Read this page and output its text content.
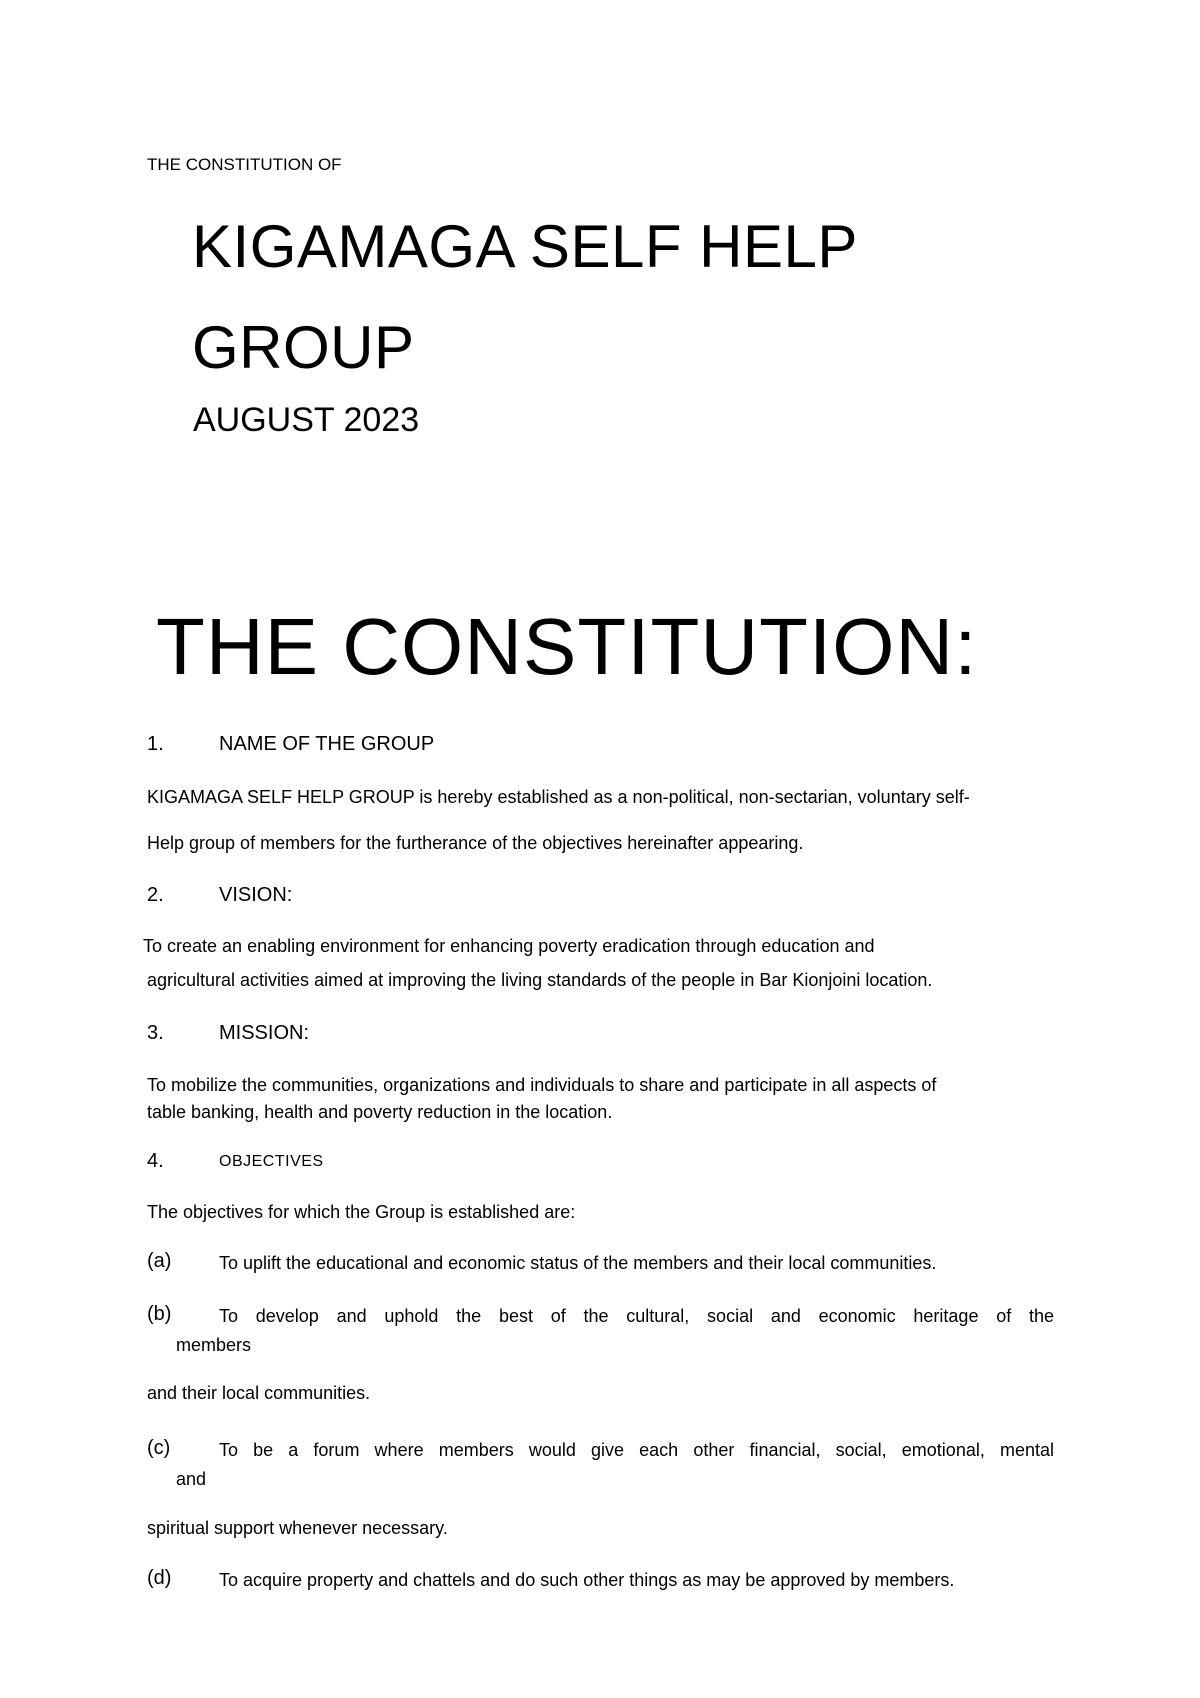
THE CONSTITUTION OF
KIGAMAGA SELF HELP
GROUP
AUGUST 2023
THE CONSTITUTION:
1.	NAME OF THE GROUP
KIGAMAGA SELF HELP GROUP is hereby established as a non-political, non-sectarian, voluntary self-
Help group of members for the furtherance of the objectives hereinafter appearing.
2.	VISION:
To create an enabling environment for enhancing poverty eradication through education and
agricultural activities aimed at improving the living standards of the people in Bar Kionjoini location.
3.	MISSION:
To mobilize the communities, organizations and individuals to share and participate in all aspects of
table banking, health and poverty reduction in the location.
4.	OBJECTIVES
The objectives for which the Group is established are:
(a)	To uplift the educational and economic status of the members and their local communities.
(b)	To develop and uphold the best of the cultural, social and economic heritage of the
members
and their local communities.
(c)	To be a forum where members would give each other financial, social, emotional, mental
and
spiritual support whenever necessary.
(d)	To acquire property and chattels and do such other things as may be approved by members.
